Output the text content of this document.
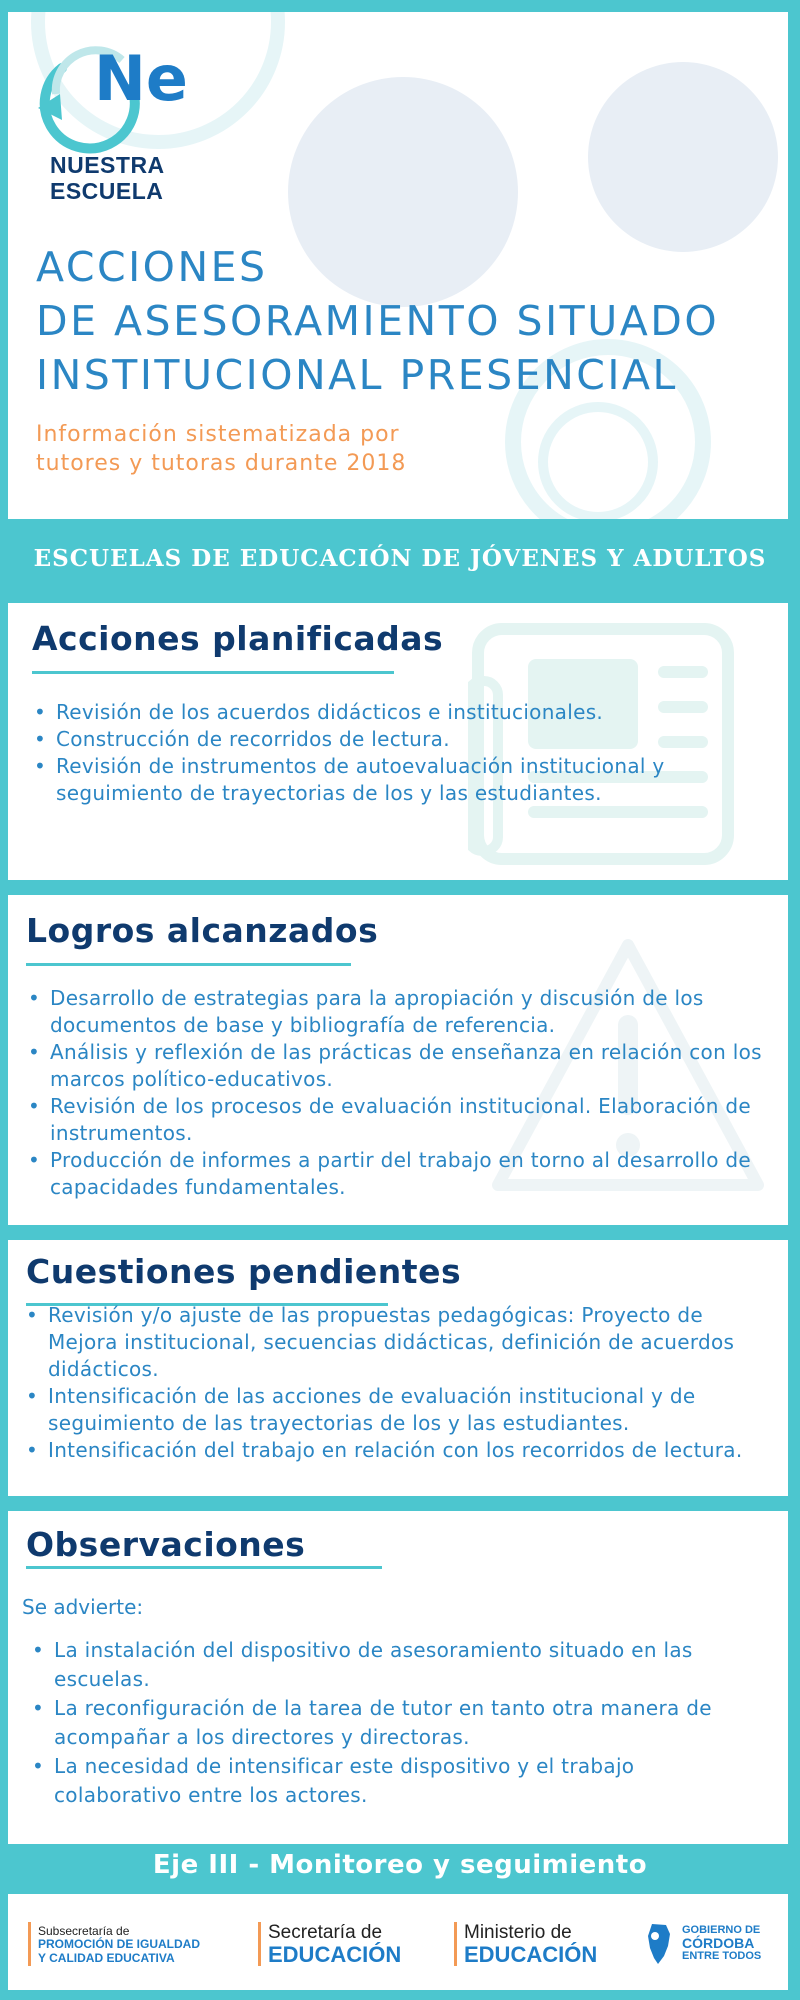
Ne
NUESTRA
ESCUELA
ACCIONES
DE ASESORAMIENTO SITUADO
INSTITUCIONAL PRESENCIAL
Información sistematizada por
tutores y tutoras durante 2018
ESCUELAS DE EDUCACIÓN DE JÓVENES Y ADULTOS
Acciones planificadas
• Revisión de los acuerdos didácticos e institucionales.
• Construcción de recorridos de lectura.
• Revisión de instrumentos de autoevaluación institucional y seguimiento de trayectorias de los y las estudiantes.
Logros alcanzados
• Desarrollo de estrategias para la apropiación y discusión de los documentos de base y bibliografía de referencia.
• Análisis y reflexión de las prácticas de enseñanza en relación con los marcos político-educativos.
• Revisión de los procesos de evaluación institucional. Elaboración de instrumentos.
• Producción de informes a partir del trabajo en torno al desarrollo de capacidades fundamentales.
Cuestiones pendientes
• Revisión y/o ajuste de las propuestas pedagógicas: Proyecto de Mejora institucional, secuencias didácticas, definición de acuerdos didácticos.
• Intensificación de las acciones de evaluación institucional y de seguimiento de las trayectorias de los y las estudiantes.
• Intensificación del trabajo en relación con los recorridos de lectura.
Observaciones
Se advierte:
• La instalación del dispositivo de asesoramiento situado en las escuelas.
• La reconfiguración de la tarea de tutor en tanto otra manera de acompañar a los directores y directoras.
• La necesidad de intensificar este dispositivo y el trabajo colaborativo entre los actores.
Eje III - Monitoreo y seguimiento
Subsecretaría de
PROMOCIÓN DE IGUALDAD
Y CALIDAD EDUCATIVA
Secretaría de
EDUCACIÓN
Ministerio de
EDUCACIÓN
GOBIERNO DE
CÓRDOBA
ENTRE TODOS
